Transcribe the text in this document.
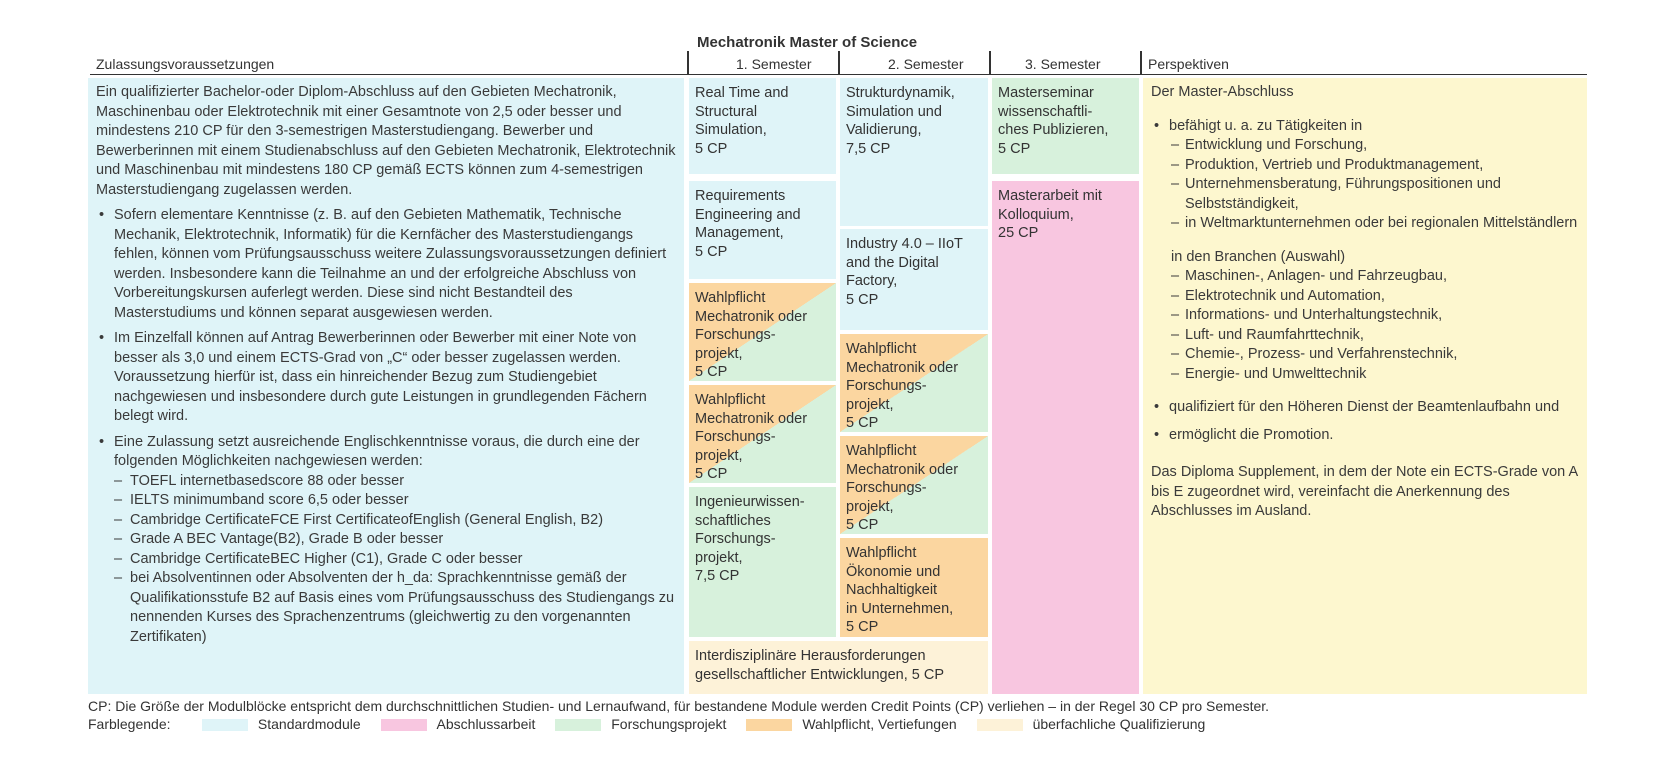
Mechatronik Master of Science
Zulassungsvoraussetzungen	1. Semester	2. Semester	3. Semester	Perspektiven
Ein qualifizierter Bachelor-oder Diplom-Abschluss auf den Gebieten Mechatronik, Maschinenbau oder Elektrotechnik mit einer Gesamtnote von 2,5 oder besser und mindestens 210 CP für den 3-semestrigen Masterstudiengang. Bewerber und Bewerberinnen mit einem Studienabschluss auf den Gebieten Mechatronik, Elektrotechnik und Maschinenbau mit mindestens 180 CP gemäß ECTS können zum 4-semestrigen Masterstudiengang zugelassen werden.
• Sofern elementare Kenntnisse (z. B. auf den Gebieten Mathematik, Technische Mechanik, Elektrotechnik, Informatik) für die Kernfächer des Masterstudiengangs fehlen, können vom Prüfungsausschuss weitere Zulassungsvoraussetzungen definiert werden. Insbesondere kann die Teilnahme an und der erfolgreiche Abschluss von Vorbereitungskursen auferlegt werden. Diese sind nicht Bestandteil des Masterstudiums und können separat ausgewiesen werden.
• Im Einzelfall können auf Antrag Bewerberinnen oder Bewerber mit einer Note von besser als 3,0 und einem ECTS-Grad von „C“ oder besser zugelassen werden. Voraussetzung hierfür ist, dass ein hinreichender Bezug zum Studiengebiet nachgewiesen und insbesondere durch gute Leistungen in grundlegenden Fächern belegt wird.
• Eine Zulassung setzt ausreichende Englischkenntnisse voraus, die durch eine der folgenden Möglichkeiten nachgewiesen werden:
– TOEFL internetbasedscore 88 oder besser
– IELTS minimumband score 6,5 oder besser
– Cambridge CertificateFCE First CertificateofEnglish (General English, B2)
– Grade A BEC Vantage(B2), Grade B oder besser
– Cambridge CertificateBEC Higher (C1), Grade C oder besser
– bei Absolventinnen oder Absolventen der h_da: Sprachkenntnisse gemäß der Qualifikationsstufe B2 auf Basis eines vom Prüfungsausschuss des Studiengangs zu nennenden Kurses des Sprachenzentrums (gleichwertig zu den vorgenannten Zertifikaten)
Real Time and
Structural
Simulation,
5 CP
Requirements
Engineering and
Management,
5 CP
Wahlpflicht
Mechatronik oder
Forschungs-
projekt,
5 CP
Wahlpflicht
Mechatronik oder
Forschungs-
projekt,
5 CP
Ingenieurwissen-
schaftliches
Forschungs-
projekt,
7,5 CP
Strukturdynamik,
Simulation und
Validierung,
7,5 CP
Industry 4.0 – IIoT
and the Digital
Factory,
5 CP
Wahlpflicht
Mechatronik oder
Forschungs-
projekt,
5 CP
Wahlpflicht
Mechatronik oder
Forschungs-
projekt,
5 CP
Wahlpflicht
Ökonomie und
Nachhaltigkeit
in Unternehmen,
5 CP
Interdisziplinäre Herausforderungen
gesellschaftlicher Entwicklungen, 5 CP
Masterseminar
wissenschaftli-
ches Publizieren,
5 CP
Masterarbeit mit
Kolloquium,
25 CP
Der Master-Abschluss
• befähigt u. a. zu Tätigkeiten in
– Entwicklung und Forschung,
– Produktion, Vertrieb und Produktmanagement,
– Unternehmensberatung, Führungspositionen und Selbstständigkeit,
– in Weltmarktunternehmen oder bei regionalen Mittelständlern
in den Branchen (Auswahl)
– Maschinen-, Anlagen- und Fahrzeugbau,
– Elektrotechnik und Automation,
– Informations- und Unterhaltungstechnik,
– Luft- und Raumfahrttechnik,
– Chemie-, Prozess- und Verfahrenstechnik,
– Energie- und Umwelttechnik
• qualifiziert für den Höheren Dienst der Beamtenlaufbahn und
• ermöglicht die Promotion.
Das Diploma Supplement, in dem der Note ein ECTS-Grade von A bis E zugeordnet wird, vereinfacht die Anerkennung des Abschlusses im Ausland.
CP: Die Größe der Modulblöcke entspricht dem durchschnittlichen Studien- und Lernaufwand, für bestandene Module werden Credit Points (CP) verliehen – in der Regel 30 CP pro Semester.
Farblegende:	Standardmodule	Abschlussarbeit	Forschungsprojekt	Wahlpflicht, Vertiefungen	überfachliche Qualifizierung
